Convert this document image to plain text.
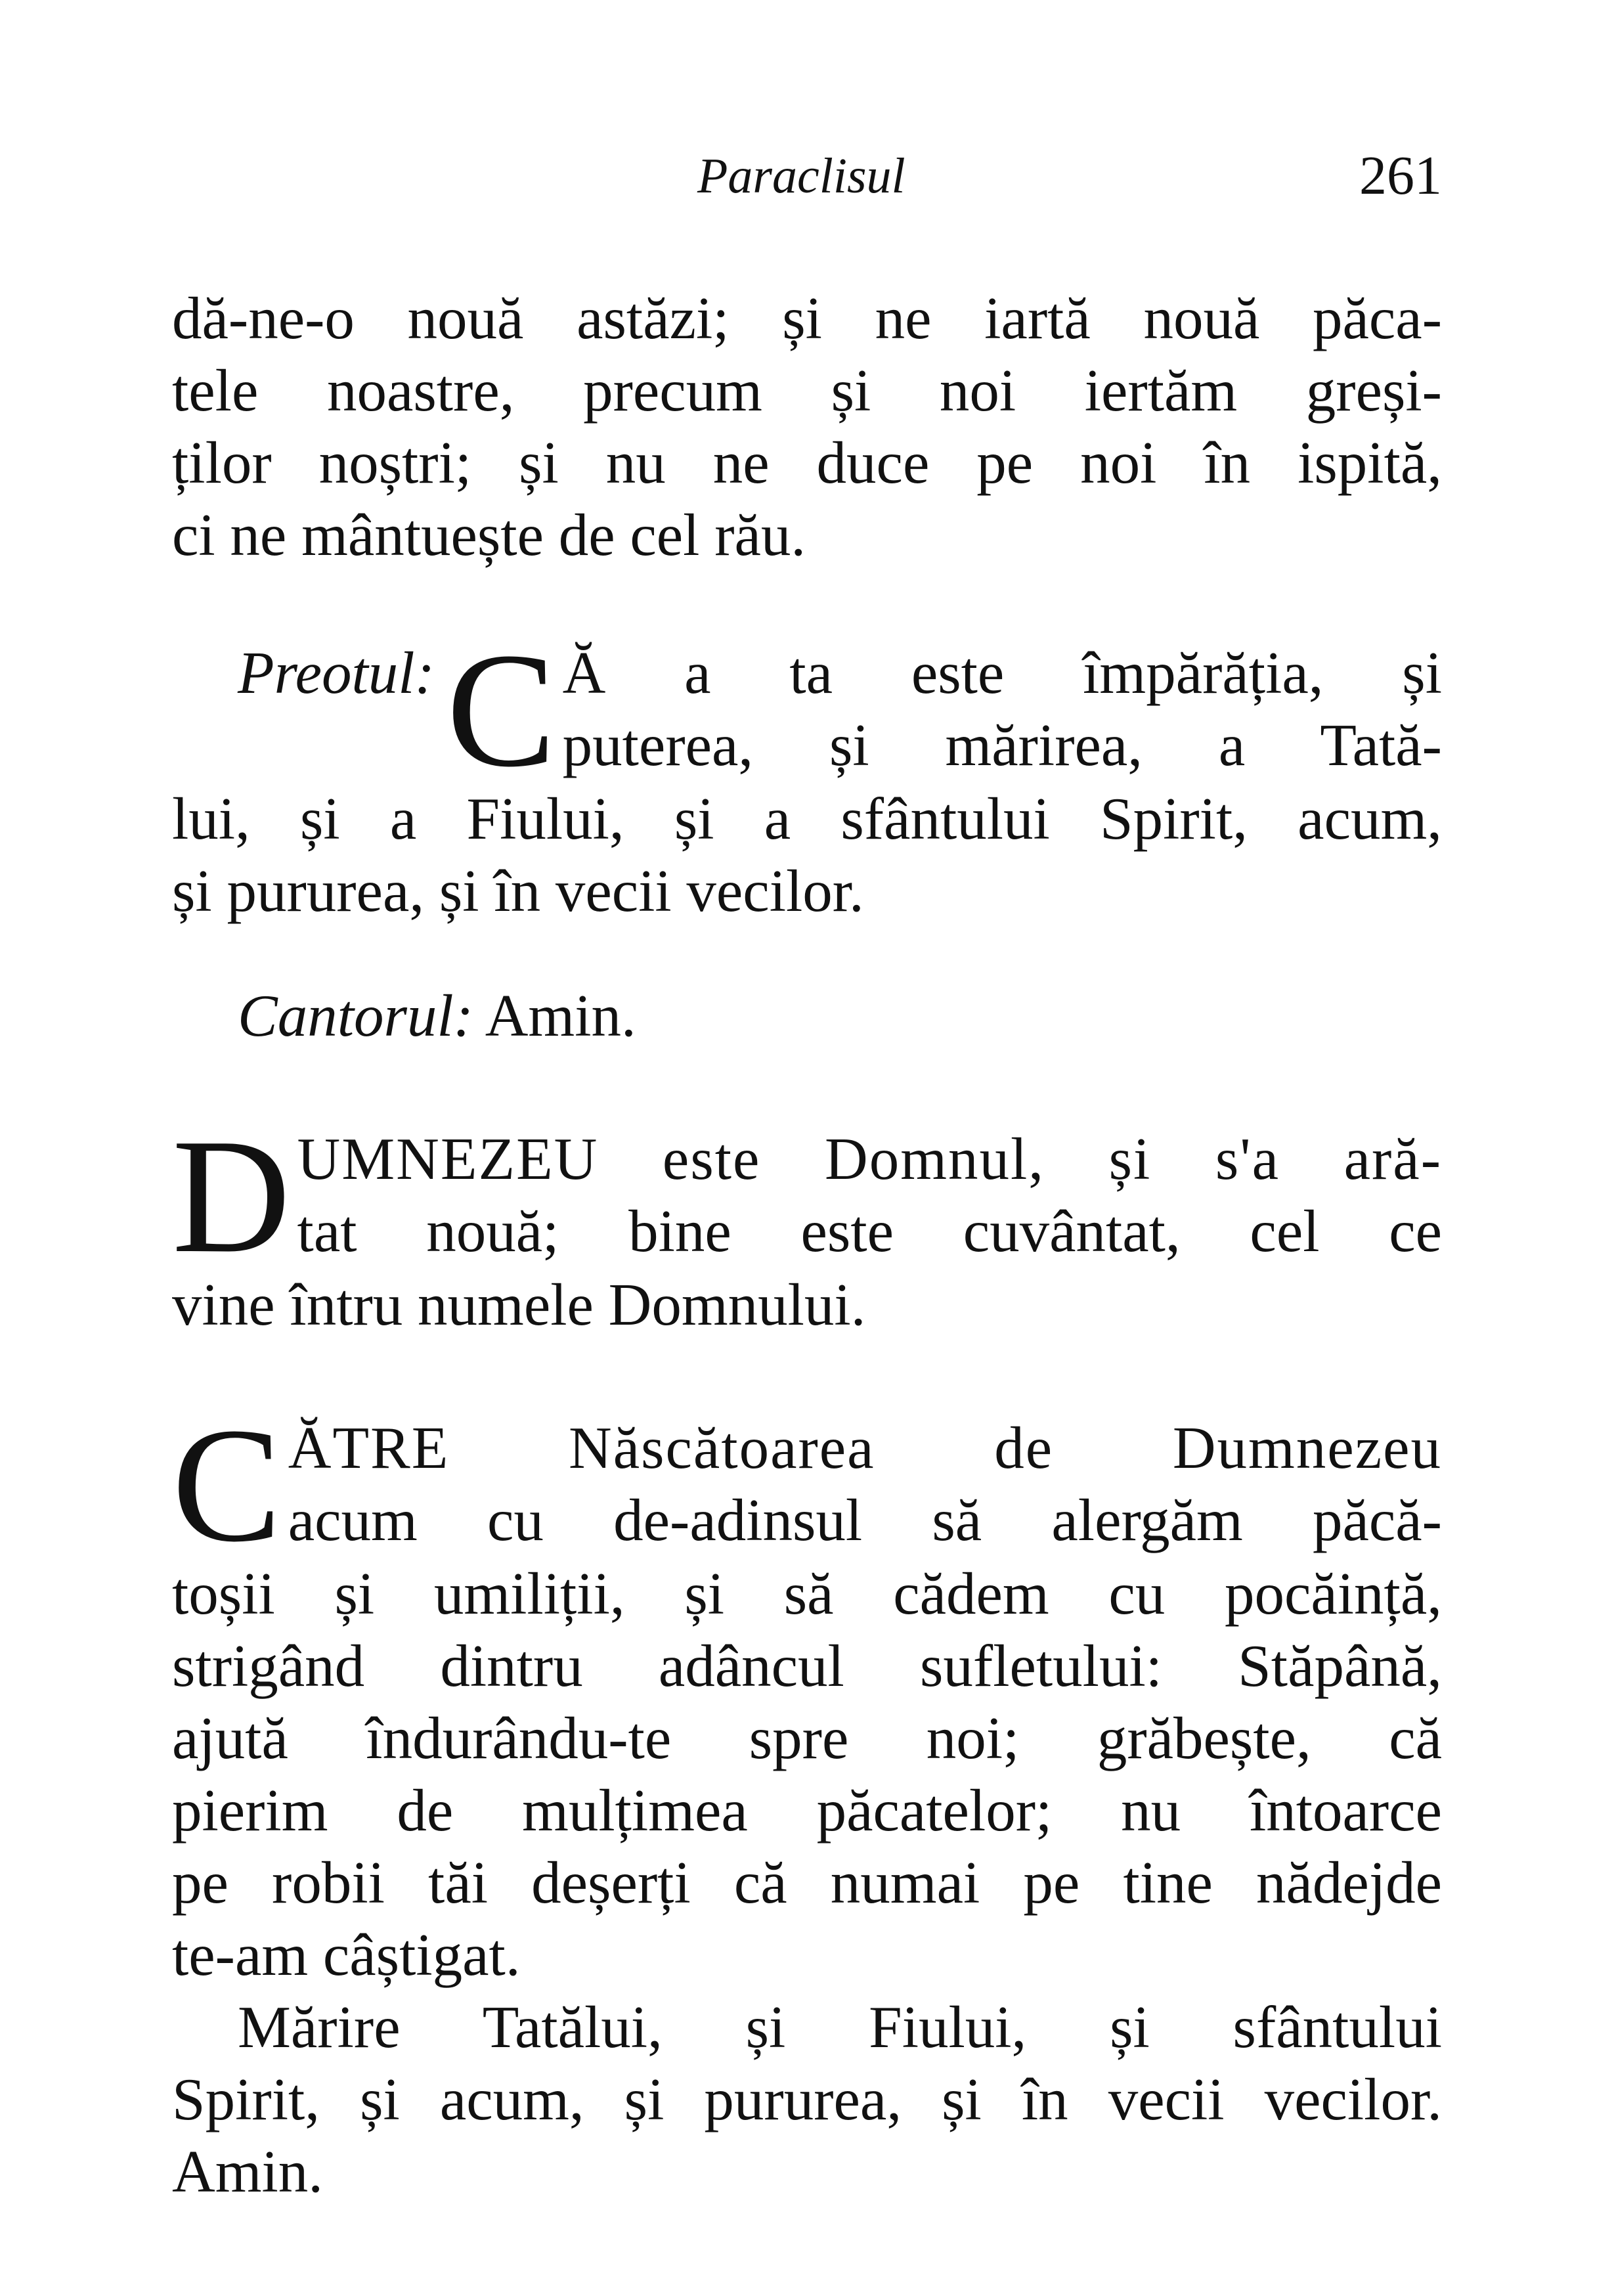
Paraclisul	261
dă-ne-o nouă astăzi; și ne iartă nouă păca-
tele noastre, precum și noi iertăm greși-
ților noștri; și nu ne duce pe noi în ispită,
ci ne mântuește de cel rău.
Preotul: C Ă a ta este împărăția, și
puterea, și mărirea, a Tată-
lui, și a Fiului, și a sfântului Spirit, acum,
și pururea, și în vecii vecilor.
Cantorul: Amin.
D UMNEZEU este Domnul, și s'a ară-
tat nouă; bine este cuvântat, cel ce
vine întru numele Domnului.
C ĂTRE Născătoarea de Dumnezeu
acum cu de-adinsul să alergăm păcă-
toșii și umiliții, și să cădem cu pocăință,
strigând dintru adâncul sufletului: Stăpână,
ajută îndurându-te spre noi; grăbește, că
pierim de mulțimea păcatelor; nu întoarce
pe robii tăi deșerți că numai pe tine nădejde
te-am câștigat.
Mărire Tatălui, și Fiului, și sfântului
Spirit, și acum, și pururea, și în vecii vecilor.
Amin.
